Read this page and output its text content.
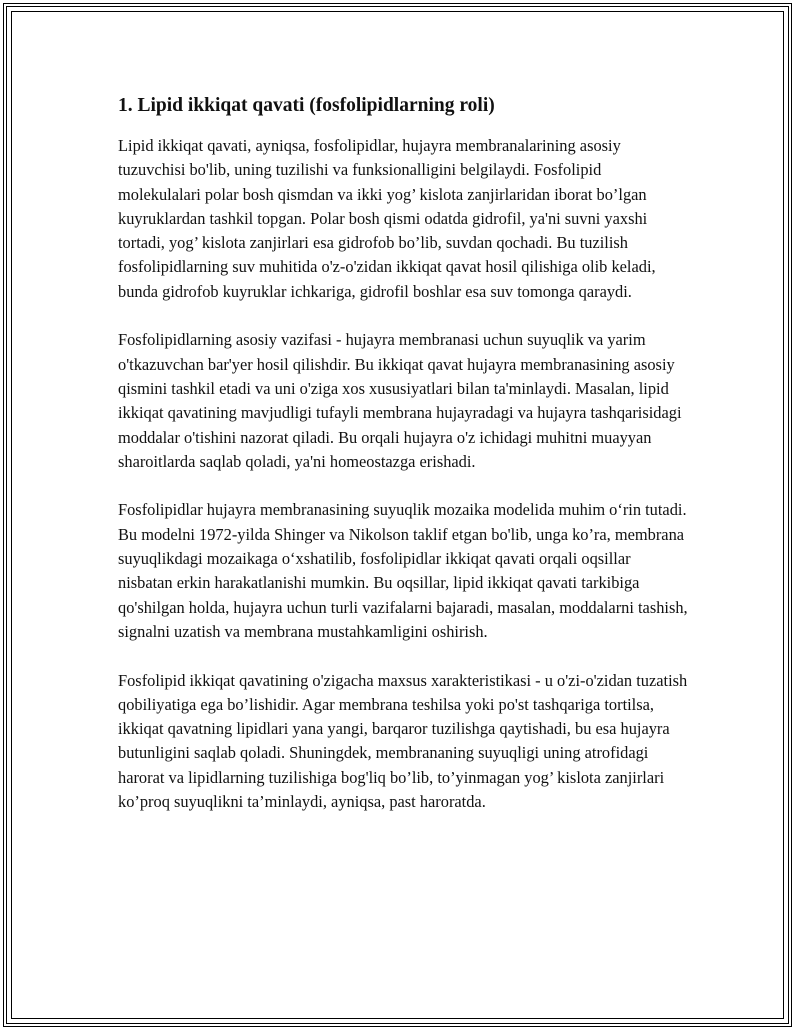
1. Lipid ikkiqat qavati (fosfolipidlarning roli)

Lipid ikkiqat qavati, ayniqsa, fosfolipidlar, hujayra membranalarining asosiy tuzuvchisi bo'lib, uning tuzilishi va funksionalligini belgilaydi. Fosfolipid molekulalari polar bosh qismdan va ikki yog’ kislota zanjirlaridan iborat bo’lgan kuyruklardan tashkil topgan. Polar bosh qismi odatda gidrofil, ya'ni suvni yaxshi tortadi, yog’ kislota zanjirlari esa gidrofob bo’lib, suvdan qochadi. Bu tuzilish fosfolipidlarning suv muhitida o'z-o'zidan ikkiqat qavat hosil qilishiga olib keladi, bunda gidrofob kuyruklar ichkariga, gidrofil boshlar esa suv tomonga qaraydi.

Fosfolipidlarning asosiy vazifasi - hujayra membranasi uchun suyuqlik va yarim o'tkazuvchan bar'yer hosil qilishdir. Bu ikkiqat qavat hujayra membranasining asosiy qismini tashkil etadi va uni o'ziga xos xususiyatlari bilan ta'minlaydi. Masalan, lipid ikkiqat qavatining mavjudligi tufayli membrana hujayradagi va hujayra tashqarisidagi moddalar o'tishini nazorat qiladi. Bu orqali hujayra o'z ichidagi muhitni muayyan sharoitlarda saqlab qoladi, ya'ni homeostazga erishadi.

Fosfolipidlar hujayra membranasining suyuqlik mozaika modelida muhim o‘rin tutadi. Bu modelni 1972-yilda Shinger va Nikolson taklif etgan bo'lib, unga ko’ra, membrana suyuqlikdagi mozaikaga o‘xshatilib, fosfolipidlar ikkiqat qavati orqali oqsillar nisbatan erkin harakatlanishi mumkin. Bu oqsillar, lipid ikkiqat qavati tarkibiga qo'shilgan holda, hujayra uchun turli vazifalarni bajaradi, masalan, moddalarni tashish, signalni uzatish va membrana mustahkamligini oshirish.

Fosfolipid ikkiqat qavatining o'zigacha maxsus xarakteristikasi - u o'zi-o'zidan tuzatish qobiliyatiga ega bo’lishidir. Agar membrana teshilsa yoki po'st tashqariga tortilsa, ikkiqat qavatning lipidlari yana yangi, barqaror tuzilishga qaytishadi, bu esa hujayra butunligini saqlab qoladi. Shuningdek, membrananing suyuqligi uning atrofidagi harorat va lipidlarning tuzilishiga bog'liq bo’lib, to’yinmagan yog’ kislota zanjirlari ko’proq suyuqlikni ta’minlaydi, ayniqsa, past haroratda.
